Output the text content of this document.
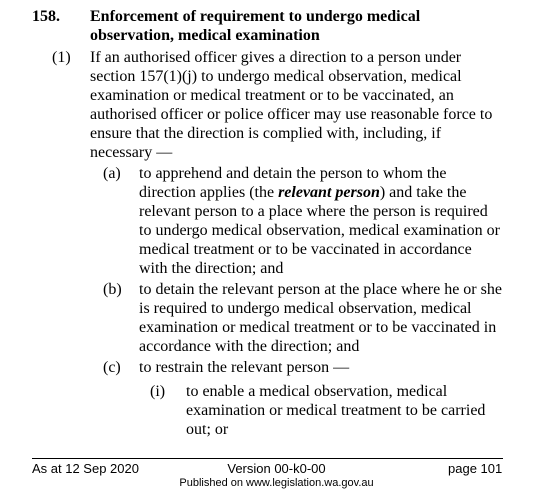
158. Enforcement of requirement to undergo medical observation, medical examination
(1) If an authorised officer gives a direction to a person under section 157(1)(j) to undergo medical observation, medical examination or medical treatment or to be vaccinated, an authorised officer or police officer may use reasonable force to ensure that the direction is complied with, including, if necessary —
(a) to apprehend and detain the person to whom the direction applies (the relevant person) and take the relevant person to a place where the person is required to undergo medical observation, medical examination or medical treatment or to be vaccinated in accordance with the direction; and
(b) to detain the relevant person at the place where he or she is required to undergo medical observation, medical examination or medical treatment or to be vaccinated in accordance with the direction; and
(c) to restrain the relevant person —
(i) to enable a medical observation, medical examination or medical treatment to be carried out; or
As at 12 Sep 2020	Version 00-k0-00	page 101
Published on www.legislation.wa.gov.au
